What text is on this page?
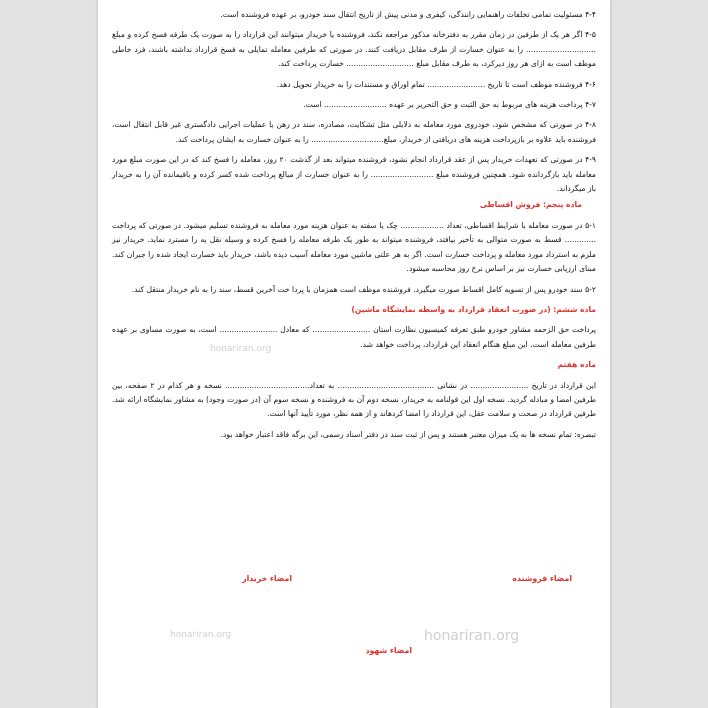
honariran.org
honariran.org	honariran.org

۴-۴ مسئولیت تمامی تخلفات راهنمایی رانندگی، کیفری و مدنی پیش از تاریخ انتقال سند خودرو، بر عهده فروشنده است.

۴-۵ اگر هر یک از طرفین در زمان مقرر به دفترخانه مذکور مراجعه نکند، فروشنده یا خریدار میتوانند این قرارداد را به صورت یک طرفه فسخ کرده و مبلغ ............................. را به عنوان خسارت از طرف مقابل دریافت کنند. در صورتی که طرفین معامله تمایلی به فسخ قرارداد نداشته باشند، فرد خاطی موظف است به ازای هر روز دیرکرد، به طرف مقابل مبلغ ............................ خسارت پرداخت کند.

۴-۶ فروشنده موظف است تا تاریخ ........................ تمام اوراق و مستندات را به خریدار تحویل دهد.

۴-۷ پرداخت هزینه های مربوط به حق الثبت و حق التحریر بر عهده .......................... است.

۴-۸ در صورتی که مشخص شود، خودروی مورد معامله به دلایلی مثل تشکایت، مصادره، سند در رهن یا عملیات اجرایی دادگستری غیر قابل انتقال است، فروشنده باید علاوه بر بازپرداخت هزینه های دریافتی از خریدار، مبلغ.............................. را به عنوان خسارت به ایشان پرداخت کند.

۴-۹ در صورتی که تعهدات خریدار پس از عقد قرارداد انجام نشود، فروشنده میتواند بعد از گذشت ۲۰ روز، معامله را فسخ کند که در این صورت مبلغ مورد معامله باید بازگردانده شود. همچنین فروشنده مبلغ .......................... را به عنوان خسارت از مبالغ پرداخت شده کسر کرده و باقیمانده آن را به خریدار باز میگرداند.

ماده پنجم: فروش اقساطی

۵-۱ در صورت معامله با شرایط اقساطی، تعداد .................. چک یا سفته به عنوان هزینه مورد معامله به فروشنده تسلیم میشود. در صورتی که پرداخت ............. قسط به صورت متوالی به تأخیر بیافتد، فروشنده میتواند به طور یک طرفه معامله را فسخ کرده و وسیله نقل یه را مسترد نماید. خریدار نیز ملزم به استرداد مورد معامله و پرداخت خسارت است. اگر به هر علتی ماشین مورد معامله آسیب دیده باشد، خریدار باید خسارت ایجاد شده را جبران کند. مبنای ارزیابی خسارت نیز بر اساس نرخ روز محاسبه میشود.

۵-۲ سند خودرو پس از تسویه کامل اقساط صورت میگیرد. فروشنده موظف است همزمان با پردا خت آخرین قسط، سند را به نام خریدار منتقل کند.

ماده ششم: (در صورت انعقاد قرارداد به واسطه نمایشگاه ماشین)

پرداخت حق الزحمه مشاور خودرو طبق تعرفه کمیسیون نظارت استان ........................ که معادل ........................ است، به صورت مساوی بر عهده طرفین معامله است. این مبلغ هنگام انعقاد این قرارداد، پرداخت خواهد شد.

ماده هفتم

این قرارداد در تاریخ ........................ در نشانی ........................................ به تعداد................................... نسخه و هر کدام در ۲ صفحه، بین طرفین امضا و مبادله گردید. نسخه اول این قولنامه به خریدار، نسخه دوم آن به فروشنده و نسخه سوم آن (در صورت وجود) به مشاور نمایشگاه ارائه شد. طرفین قرارداد در صحت و سلامت عقل، این قرارداد را امضا کردهاند و از همه نظر، مورد تأیید آنها است.

تبصره: تمام نسخه ها به یک میزان معتبر هستند و پس از ثبت سند در دفتر اسناد رسمی، این برگه فاقد اعتبار خواهد بود.

امضاء فروشنده
امضاء خریدار
امضاء شهود
